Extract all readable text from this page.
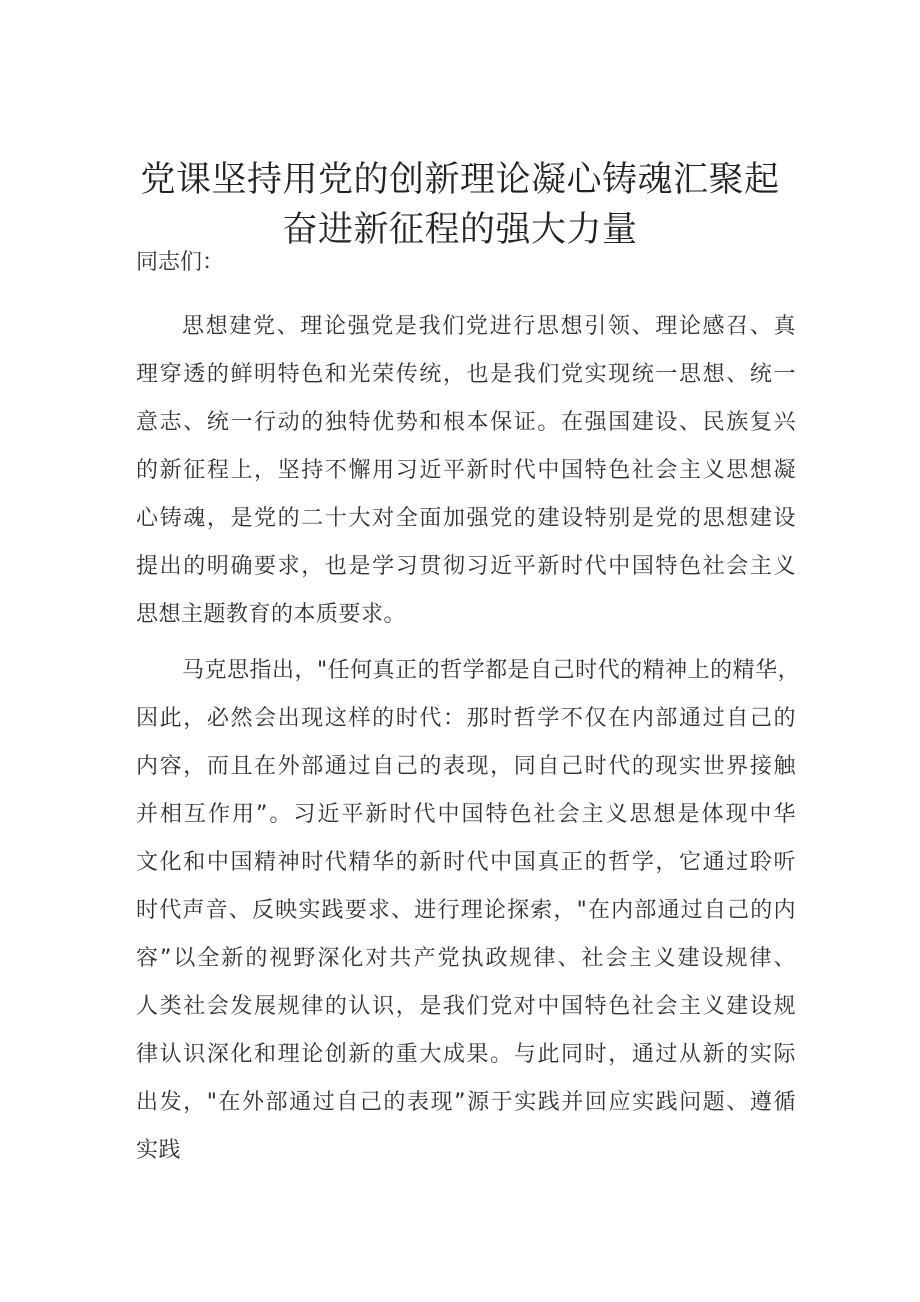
党课坚持用党的创新理论凝心铸魂汇聚起
奋进新征程的强大力量
同志们：
思想建党、理论强党是我们党进行思想引领、理论感召、真
理穿透的鲜明特色和光荣传统，也是我们党实现统一思想、统一
意志、统一行动的独特优势和根本保证。在强国建设、民族复兴
的新征程上，坚持不懈用习近平新时代中国特色社会主义思想凝
心铸魂，是党的二十大对全面加强党的建设特别是党的思想建设
提出的明确要求，也是学习贯彻习近平新时代中国特色社会主义
思想主题教育的本质要求。
马克思指出，"任何真正的哲学都是自己时代的精神上的精华，
因此，必然会出现这样的时代：那时哲学不仅在内部通过自己的
内容，而且在外部通过自己的表现，同自己时代的现实世界接触
并相互作用”。习近平新时代中国特色社会主义思想是体现中华
文化和中国精神时代精华的新时代中国真正的哲学，它通过聆听
时代声音、反映实践要求、进行理论探索，"在内部通过自己的内
容”以全新的视野深化对共产党执政规律、社会主义建设规律、
人类社会发展规律的认识，是我们党对中国特色社会主义建设规
律认识深化和理论创新的重大成果。与此同时，通过从新的实际
出发，"在外部通过自己的表现”源于实践并回应实践问题、遵循
实践
